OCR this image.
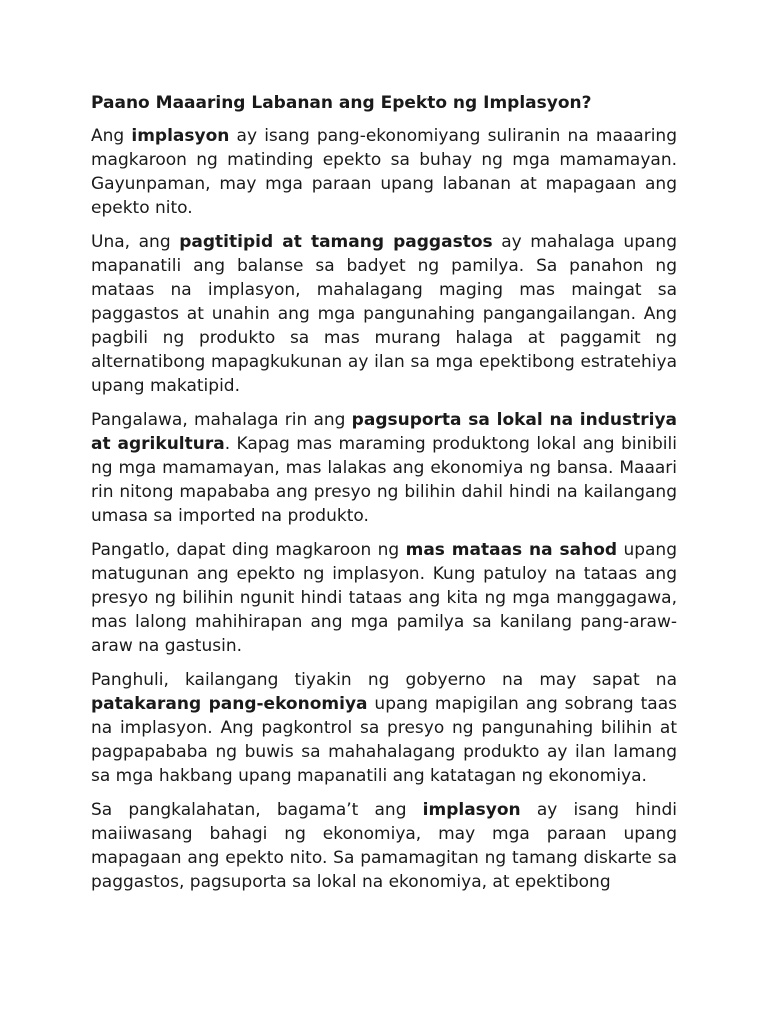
Paano Maaaring Labanan ang Epekto ng Implasyon?

Ang implasyon ay isang pang-ekonomiyang suliranin na maaaring magkaroon ng matinding epekto sa buhay ng mga mamamayan. Gayunpaman, may mga paraan upang labanan at mapagaan ang epekto nito.

Una, ang pagtitipid at tamang paggastos ay mahalaga upang mapanatili ang balanse sa badyet ng pamilya. Sa panahon ng mataas na implasyon, mahalagang maging mas maingat sa paggastos at unahin ang mga pangunahing pangangailangan. Ang pagbili ng produkto sa mas murang halaga at paggamit ng alternatibong mapagkukunan ay ilan sa mga epektibong estratehiya upang makatipid.

Pangalawa, mahalaga rin ang pagsuporta sa lokal na industriya at agrikultura. Kapag mas maraming produktong lokal ang binibili ng mga mamamayan, mas lalakas ang ekonomiya ng bansa. Maaari rin nitong mapababa ang presyo ng bilihin dahil hindi na kailangang umasa sa imported na produkto.

Pangatlo, dapat ding magkaroon ng mas mataas na sahod upang matugunan ang epekto ng implasyon. Kung patuloy na tataas ang presyo ng bilihin ngunit hindi tataas ang kita ng mga manggagawa, mas lalong mahihirapan ang mga pamilya sa kanilang pang-araw-araw na gastusin.

Panghuli, kailangang tiyakin ng gobyerno na may sapat na patakarang pang-ekonomiya upang mapigilan ang sobrang taas na implasyon. Ang pagkontrol sa presyo ng pangunahing bilihin at pagpapababa ng buwis sa mahahalagang produkto ay ilan lamang sa mga hakbang upang mapanatili ang katatagan ng ekonomiya.

Sa pangkalahatan, bagama’t ang implasyon ay isang hindi maiiwasang bahagi ng ekonomiya, may mga paraan upang mapagaan ang epekto nito. Sa pamamagitan ng tamang diskarte sa paggastos, pagsuporta sa lokal na ekonomiya, at epektibong
